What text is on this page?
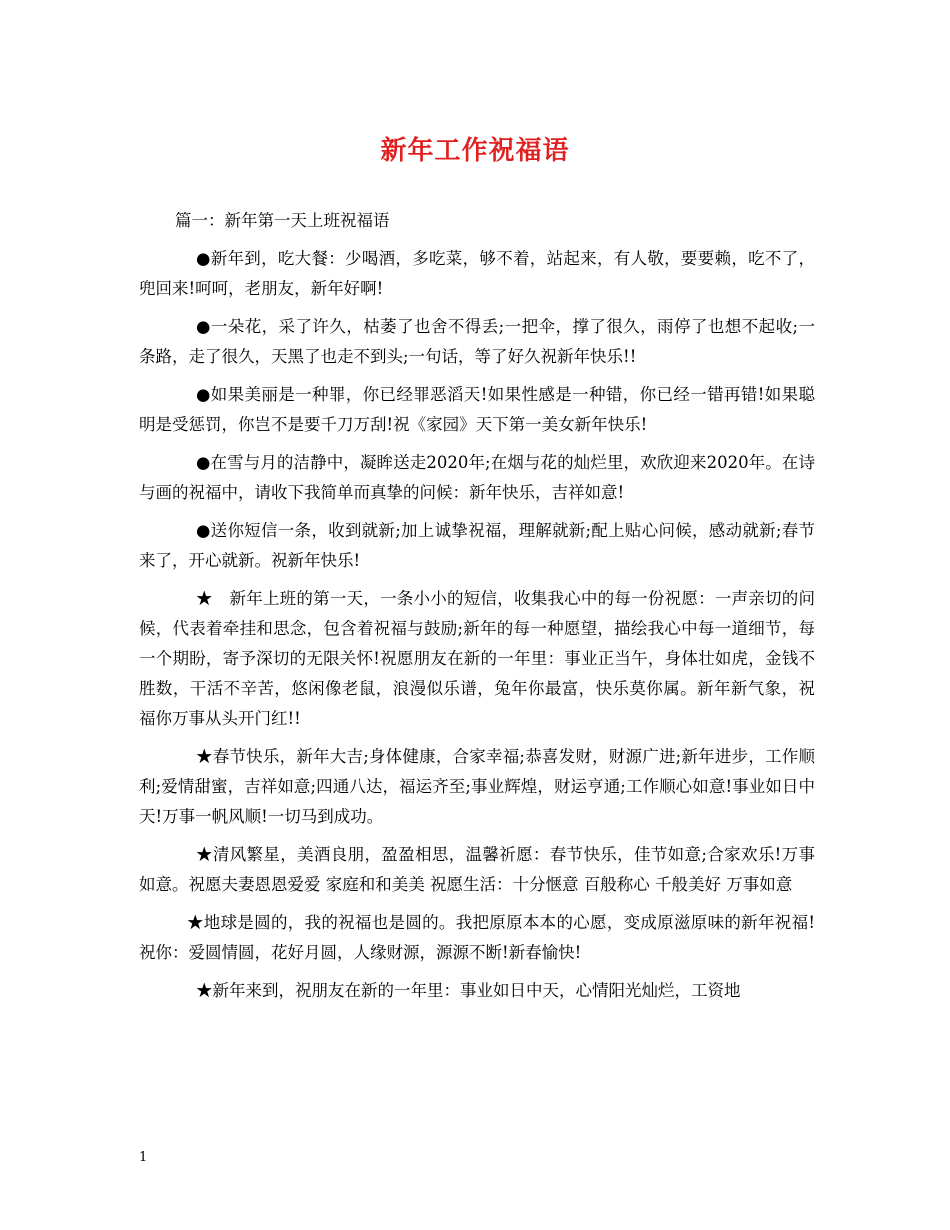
新年工作祝福语

篇一：新年第一天上班祝福语

●新年到，吃大餐：少喝酒，多吃菜，够不着，站起来，有人敬，要要赖，吃不了，兜回来!呵呵，老朋友，新年好啊!

●一朵花，采了许久，枯萎了也舍不得丢;一把伞，撑了很久，雨停了也想不起收;一条路，走了很久，天黑了也走不到头;一句话，等了好久祝新年快乐!!

●如果美丽是一种罪，你已经罪恶滔天!如果性感是一种错，你已经一错再错!如果聪明是受惩罚，你岂不是要千刀万刮!祝《家园》天下第一美女新年快乐!

●在雪与月的洁静中，凝眸送走2020年;在烟与花的灿烂里，欢欣迎来2020年。在诗与画的祝福中，请收下我简单而真挚的问候：新年快乐，吉祥如意!

●送你短信一条，收到就新;加上诚挚祝福，理解就新;配上贴心问候，感动就新;春节来了，开心就新。祝新年快乐!

★　新年上班的第一天，一条小小的短信，收集我心中的每一份祝愿：一声亲切的问候，代表着牵挂和思念，包含着祝福与鼓励;新年的每一种愿望，描绘我心中每一道细节，每一个期盼，寄予深切的无限关怀!祝愿朋友在新的一年里：事业正当午，身体壮如虎，金钱不胜数，干活不辛苦，悠闲像老鼠，浪漫似乐谱，兔年你最富，快乐莫你属。新年新气象，祝福你万事从头开门红!!

★春节快乐，新年大吉;身体健康，合家幸福;恭喜发财，财源广进;新年进步，工作顺利;爱情甜蜜，吉祥如意;四通八达，福运齐至;事业辉煌，财运亨通;工作顺心如意!事业如日中天!万事一帆风顺!一切马到成功。

★清风繁星，美酒良朋，盈盈相思，温馨祈愿：春节快乐，佳节如意;合家欢乐!万事如意。祝愿夫妻恩恩爱爱 家庭和和美美 祝愿生活：十分惬意 百般称心 千般美好 万事如意

★地球是圆的，我的祝福也是圆的。我把原原本本的心愿，变成原滋原味的新年祝福!祝你：爱圆情圆，花好月圆，人缘财源，源源不断!新春愉快!

★新年来到，祝朋友在新的一年里：事业如日中天，心情阳光灿烂，工资地

1
